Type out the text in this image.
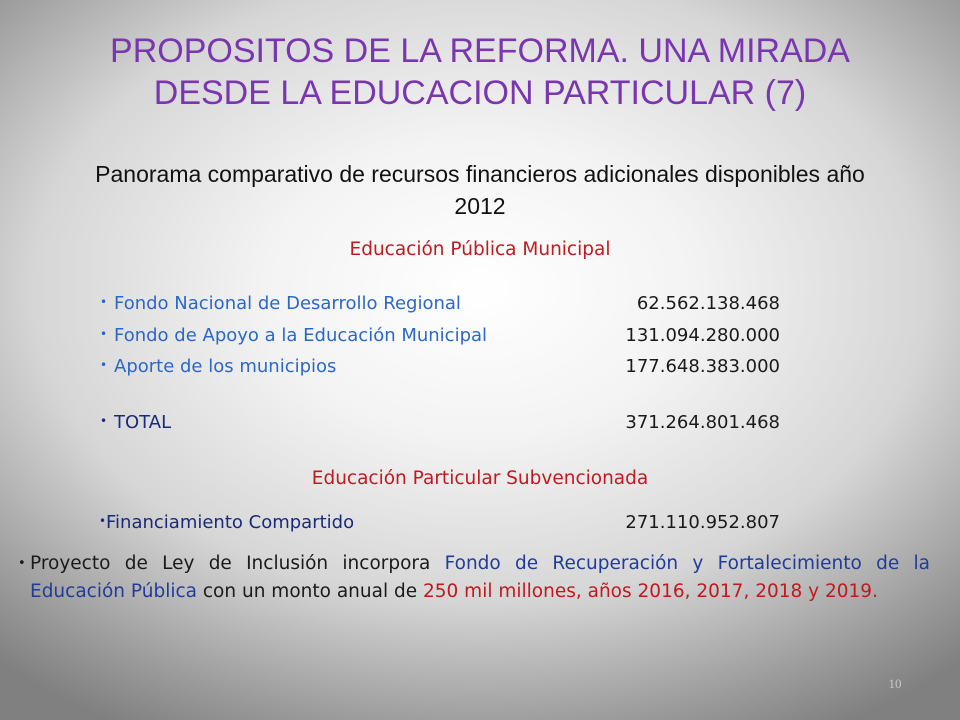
PROPOSITOS DE LA REFORMA. UNA MIRADA
DESDE LA EDUCACION PARTICULAR (7)
Panorama comparativo de recursos financieros adicionales disponibles año
2012
Educación Pública Municipal
• Fondo Nacional de Desarrollo Regional	62.562.138.468
• Fondo de Apoyo a la Educación Municipal	131.094.280.000
• Aporte de los municipios	177.648.383.000
• TOTAL	371.264.801.468
Educación Particular Subvencionada
• Financiamiento Compartido	271.110.952.807
• Proyecto de Ley de Inclusión incorpora Fondo de Recuperación y Fortalecimiento de la Educación Pública con un monto anual de 250 mil millones, años 2016, 2017, 2018 y 2019.
10
